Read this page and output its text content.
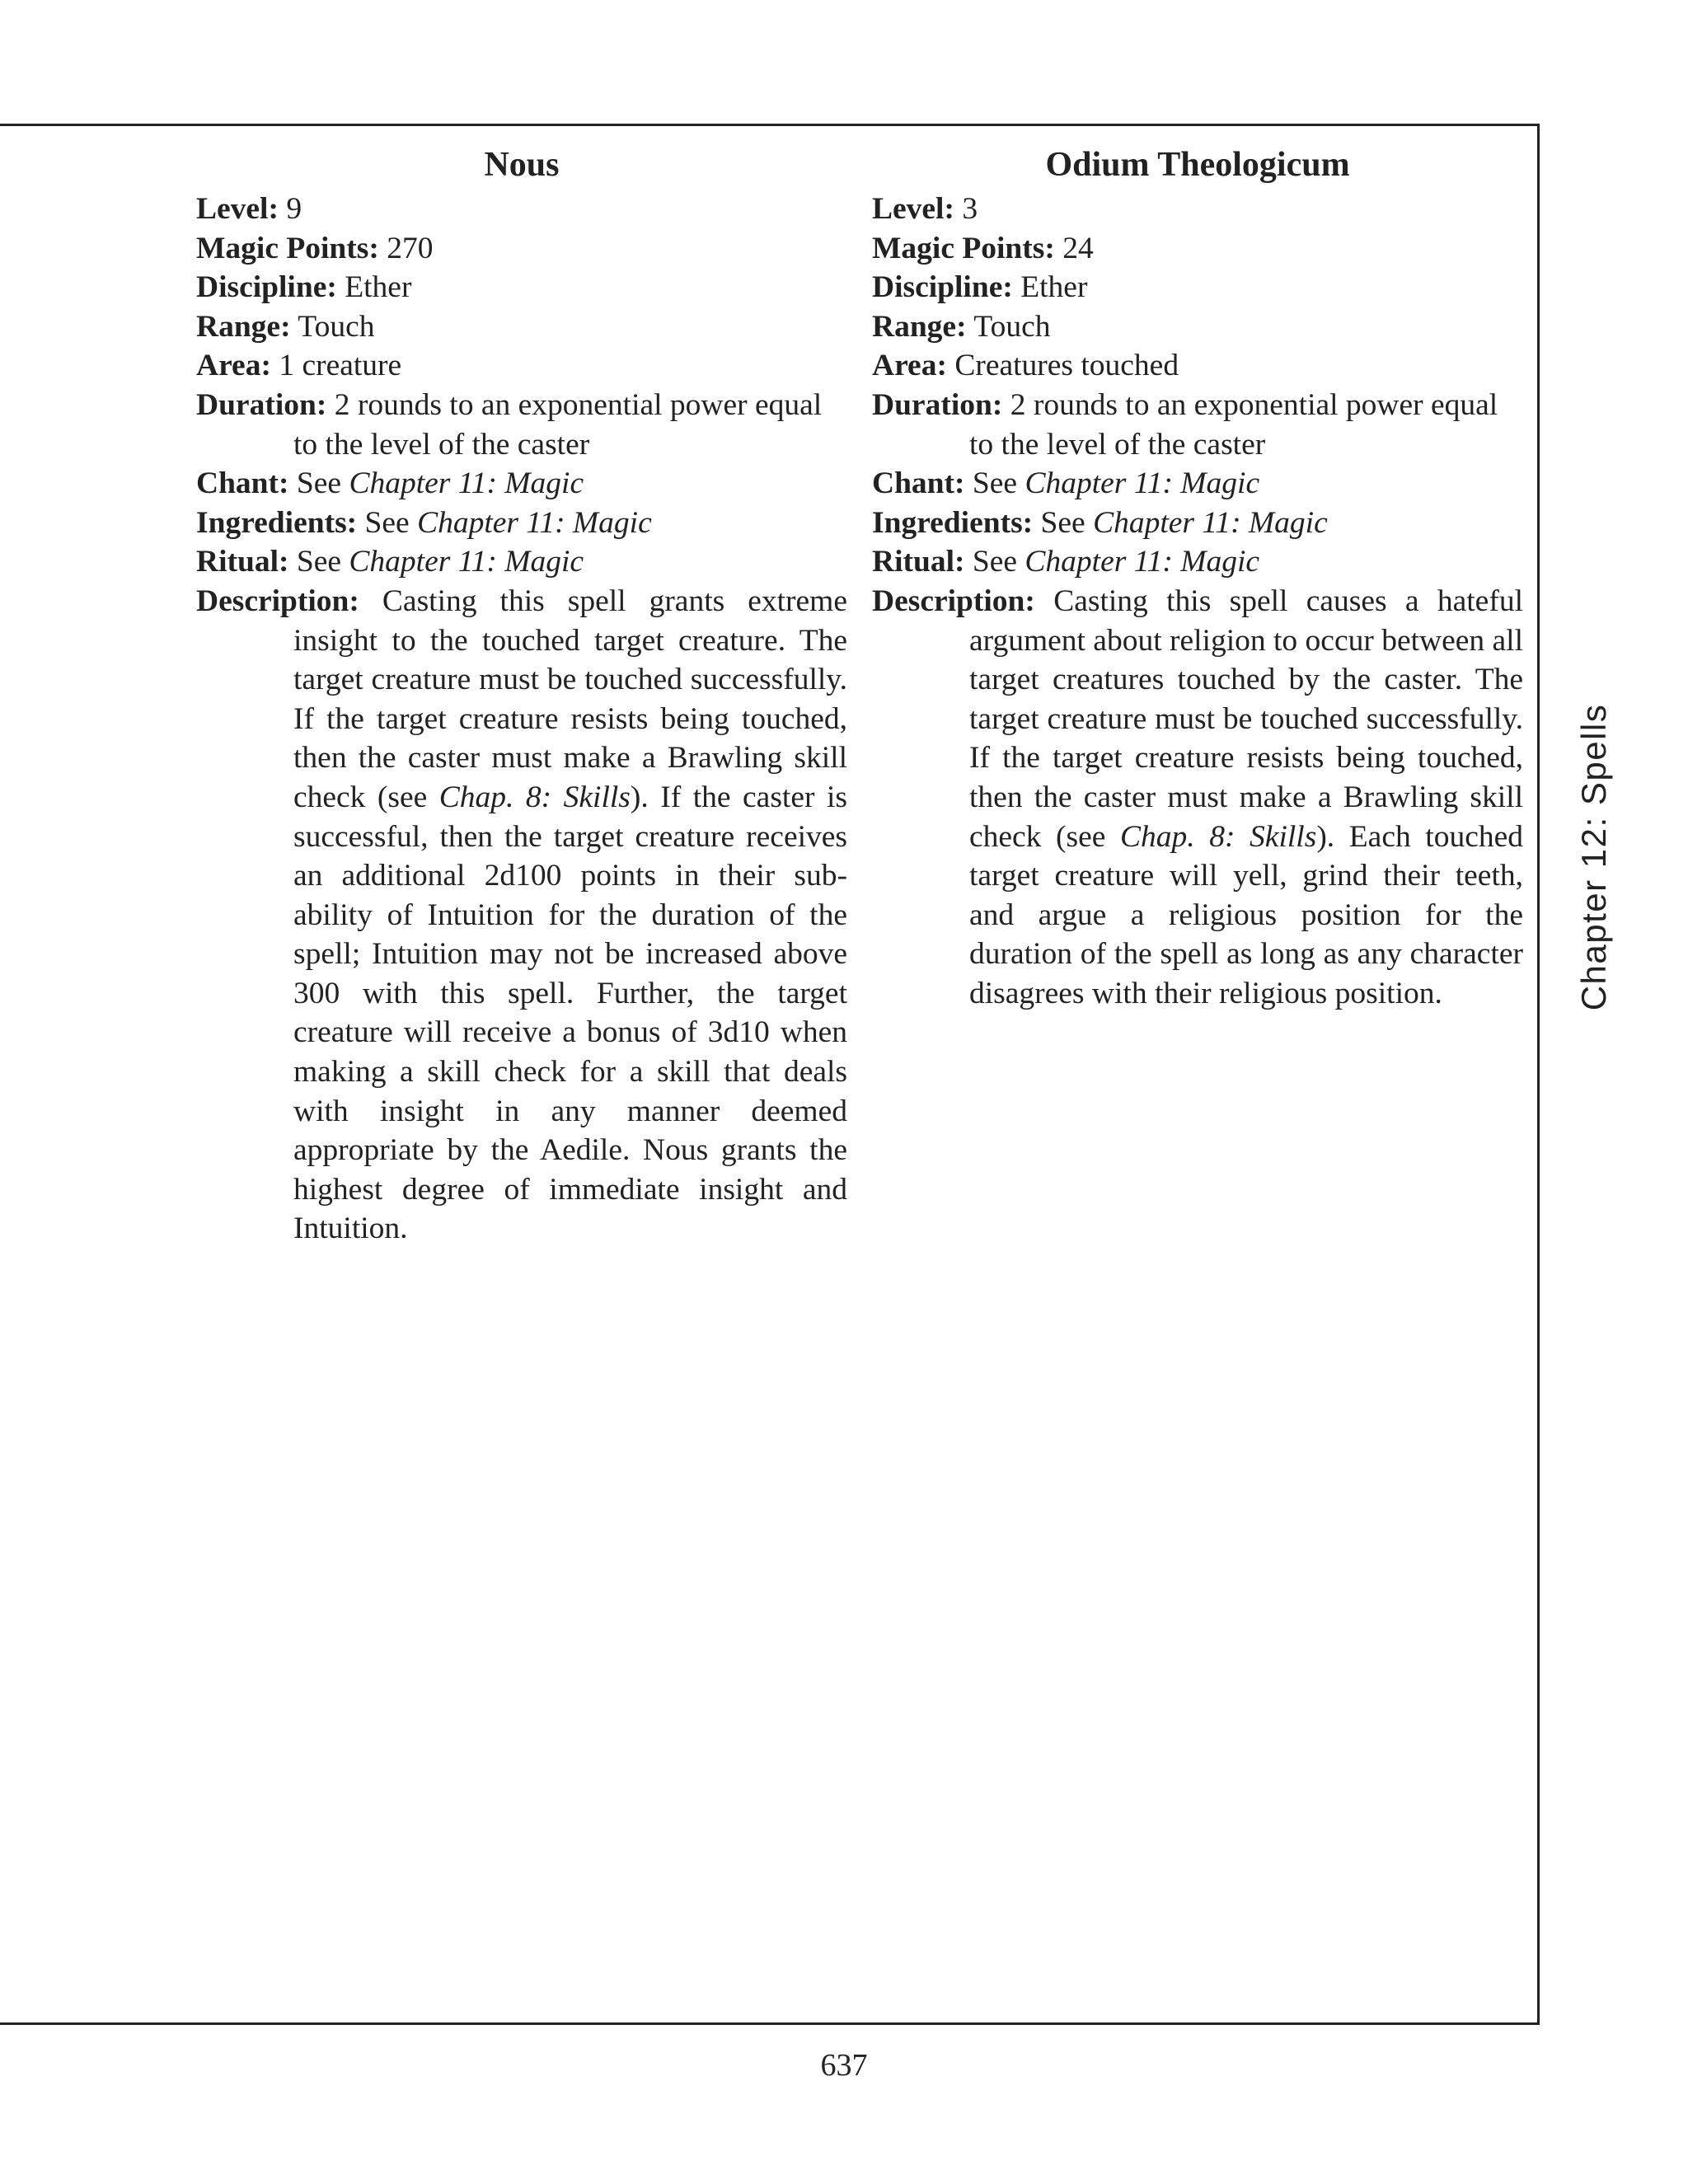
Nous

Level: 9

Magic Points: 270

Discipline: Ether

Range: Touch

Area: 1 creature

Duration: 2 rounds to an exponential power equal to the level of the caster

Chant: See Chapter 11: Magic

Ingredients: See Chapter 11: Magic

Ritual: See Chapter 11: Magic

Description: Casting this spell grants extreme insight to the touched target creature. The target creature must be touched successfully. If the target creature resists being touched, then the caster must make a Brawling skill check (see Chap. 8: Skills). If the caster is successful, then the target creature receives an additional 2d100 points in their sub-ability of Intuition for the duration of the spell; Intuition may not be increased above 300 with this spell. Further, the target creature will receive a bonus of 3d10 when making a skill check for a skill that deals with insight in any manner deemed appropriate by the Aedile. Nous grants the highest degree of immediate insight and Intuition.

Odium Theologicum

Level: 3

Magic Points: 24

Discipline: Ether

Range: Touch

Area: Creatures touched

Duration: 2 rounds to an exponential power equal to the level of the caster

Chant: See Chapter 11: Magic

Ingredients: See Chapter 11: Magic

Ritual: See Chapter 11: Magic

Description: Casting this spell causes a hateful argument about religion to occur between all target creatures touched by the caster. The target creature must be touched successfully. If the target creature resists being touched, then the caster must make a Brawling skill check (see Chap. 8: Skills). Each touched target creature will yell, grind their teeth, and argue a religious position for the duration of the spell as long as any character disagrees with their religious position.	Chapter 12: Spells
637
